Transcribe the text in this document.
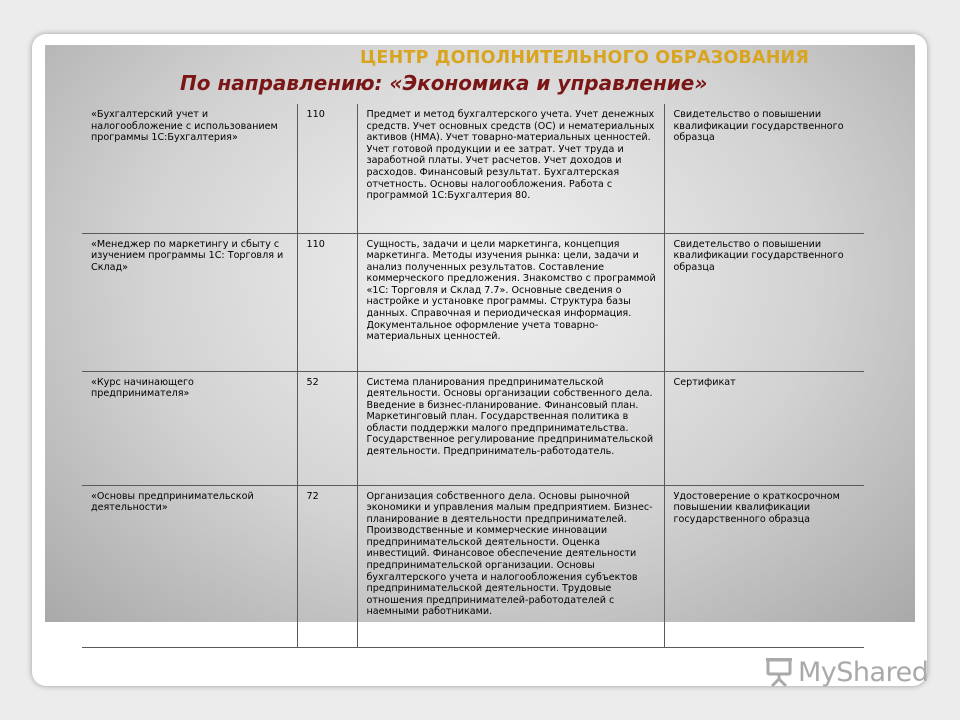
ЦЕНТР ДОПОЛНИТЕЛЬНОГО ОБРАЗОВАНИЯ
По направлению: «Экономика и управление»
«Бухгалтерский учет и налогообложение с использованием программы 1С:Бухгалтерия»	110	Предмет и метод бухгалтерского учета. Учет денежных средств. Учет основных средств (ОС) и нематериальных активов (НМА). Учет товарно-материальных ценностей. Учет готовой продукции и ее затрат. Учет труда и заработной платы. Учет расчетов. Учет доходов и расходов. Финансовый результат. Бухгалтерская отчетность. Основы налогообложения. Работа с программой 1С:Бухгалтерия 80.	Свидетельство о повышении квалификации государственного образца
«Менеджер по маркетингу и сбыту с изучением программы 1С: Торговля и Склад»	110	Сущность, задачи и цели маркетинга, концепция маркетинга. Методы изучения рынка: цели, задачи и анализ полученных результатов. Составление коммерческого предложения. Знакомство с программой «1С: Торговля и Склад 7.7». Основные сведения о настройке и установке программы. Структура базы данных. Справочная и периодическая информация. Документальное оформление учета товарно-материальных ценностей.	Свидетельство о повышении квалификации государственного образца
«Курс начинающего предпринимателя»	52	Система планирования предпринимательской деятельности. Основы организации собственного дела. Введение в бизнес-планирование. Финансовый план. Маркетинговый план. Государственная политика в области поддержки малого предпринимательства. Государственное регулирование предпринимательской деятельности. Предприниматель-работодатель.	Сертификат
«Основы предпринимательской деятельности»	72	Организация собственного дела. Основы рыночной экономики и управления малым предприятием. Бизнес-планирование в деятельности предпринимателей. Производственные и коммерческие инновации предпринимательской деятельности. Оценка инвестиций. Финансовое обеспечение деятельности предпринимательской организации. Основы бухгалтерского учета и налогообложения субъектов предпринимательской деятельности. Трудовые отношения предпринимателей-работодателей с наемными работниками.	Удостоверение о краткосрочном повышении квалификации государственного образца
MyShared
